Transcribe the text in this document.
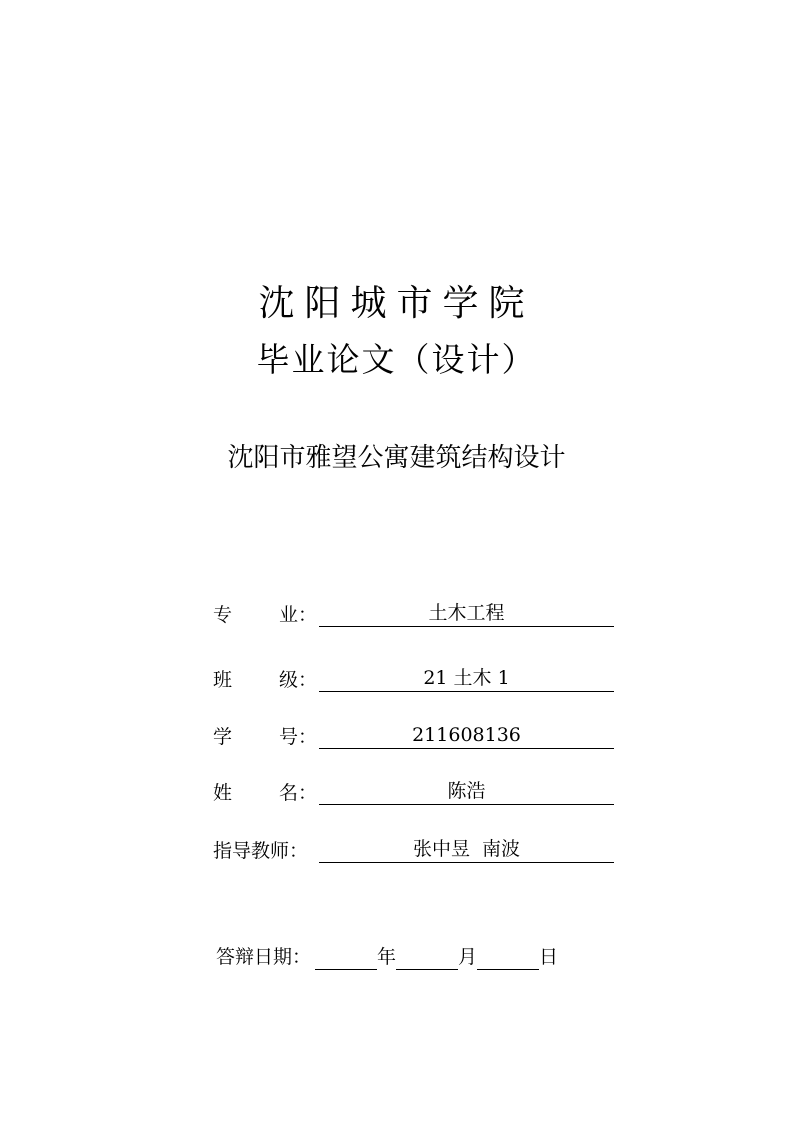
沈阳城市学院
毕业论文（设计）
沈阳市雅望公寓建筑结构设计
专 业：	土木工程
班 级：	21 土木 1
学 号：	211608136
姓 名：	陈浩
指导教师：	张中昱  南波
答辩日期：	年	月	日
